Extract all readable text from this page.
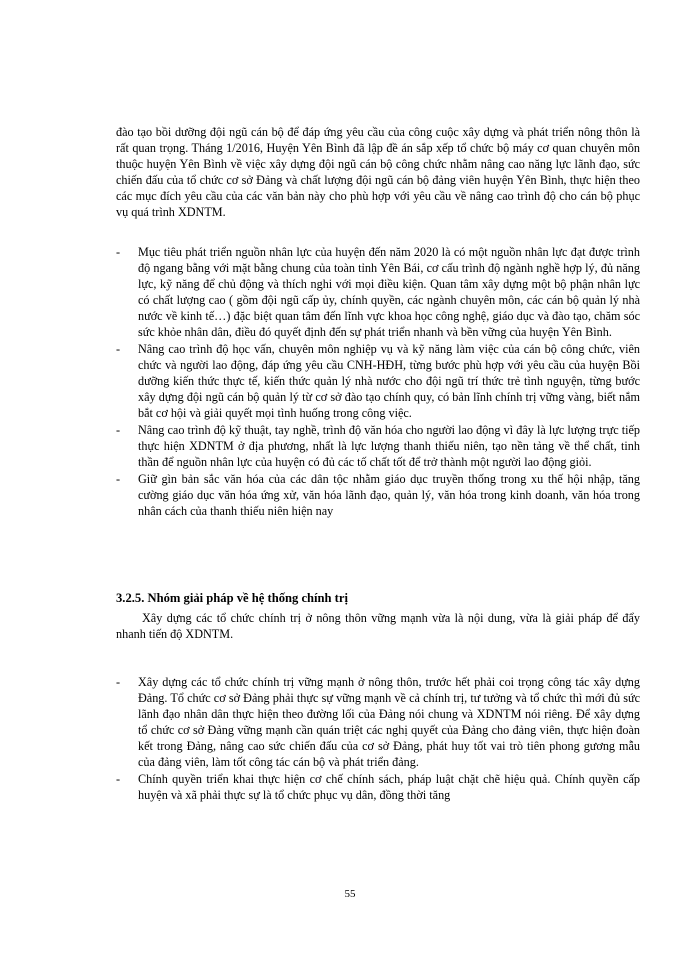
đào tạo bồi dưỡng đội ngũ cán bộ để đáp ứng yêu cầu của công cuộc xây dựng và phát triển nông thôn là rất quan trọng. Tháng 1/2016, Huyện Yên Bình đã lập đề án sắp xếp tổ chức bộ máy cơ quan chuyên môn thuộc huyện Yên Bình về việc xây dựng đội ngũ cán bộ công chức nhằm nâng cao năng lực lãnh đạo, sức chiến đấu của tổ chức cơ sở Đảng và chất lượng đội ngũ cán bộ đảng viên huyện Yên Bình, thực hiện theo các mục đích yêu cầu của các văn bản này cho phù hợp với yêu cầu về nâng cao trình độ cho cán bộ phục vụ quá trình XDNTM.
- Mục tiêu phát triển nguồn nhân lực của huyện đến năm 2020 là có một nguồn nhân lực đạt được trình độ ngang bằng với mặt bằng chung của toàn tỉnh Yên Bái, cơ cấu trình độ ngành nghề hợp lý, đủ năng lực, kỹ năng để chủ động và thích nghi với mọi điều kiện. Quan tâm xây dựng một bộ phận nhân lực có chất lượng cao ( gồm đội ngũ cấp ủy, chính quyền, các ngành chuyên môn, các cán bộ quản lý nhà nước về kinh tế…) đặc biệt quan tâm đến lĩnh vực khoa học công nghệ, giáo dục và đào tạo, chăm sóc sức khỏe nhân dân, điều đó quyết định đến sự phát triển nhanh và bền vững của huyện Yên Bình.
- Nâng cao trình độ học vấn, chuyên môn nghiệp vụ và kỹ năng làm việc của cán bộ công chức, viên chức và người lao động, đáp ứng yêu cầu CNH-HĐH, từng bước phù hợp với yêu cầu của huyện Bồi dưỡng kiến thức thực tế, kiến thức quản lý nhà nước cho đội ngũ trí thức trẻ tình nguyện, từng bước xây dựng đội ngũ cán bộ quản lý từ cơ sở đào tạo chính quy, có bản lĩnh chính trị vững vàng, biết nắm bắt cơ hội và giải quyết mọi tình huống trong công việc.
- Nâng cao trình độ kỹ thuật, tay nghề, trình độ văn hóa cho người lao động vì đây là lực lượng trực tiếp thực hiện XDNTM ở địa phương, nhất là lực lượng thanh thiếu niên, tạo nền tảng về thể chất, tinh thần để nguồn nhân lực của huyện có đủ các tố chất tốt để trở thành một người lao động giỏi.
- Giữ gìn bản sắc văn hóa của các dân tộc nhằm giáo dục truyền thống trong xu thế hội nhập, tăng cường giáo dục văn hóa ứng xử, văn hóa lãnh đạo, quản lý, văn hóa trong kinh doanh, văn hóa trong nhân cách của thanh thiếu niên hiện nay
3.2.5. Nhóm giải pháp về hệ thống chính trị
Xây dựng các tổ chức chính trị ở nông thôn vững mạnh vừa là nội dung, vừa là giải pháp để đẩy nhanh tiến độ XDNTM.
- Xây dựng các tổ chức chính trị vững mạnh ở nông thôn, trước hết phải coi trọng công tác xây dựng Đảng. Tổ chức cơ sở Đảng phải thực sự vững mạnh về cả chính trị, tư tưởng và tổ chức thì mới đủ sức lãnh đạo nhân dân thực hiện theo đường lối của Đảng nói chung và XDNTM nói riêng. Để xây dựng tổ chức cơ sở Đảng vững mạnh cần quán triệt các nghị quyết của Đảng cho đảng viên, thực hiện đoàn kết trong Đảng, nâng cao sức chiến đấu của cơ sở Đảng, phát huy tốt vai trò tiên phong gương mẫu của đảng viên, làm tốt công tác cán bộ và phát triển đảng.
- Chính quyền triển khai thực hiện cơ chế chính sách, pháp luật chặt chẽ hiệu quả. Chính quyền cấp huyện và xã phải thực sự là tổ chức phục vụ dân, đồng thời tăng
55
